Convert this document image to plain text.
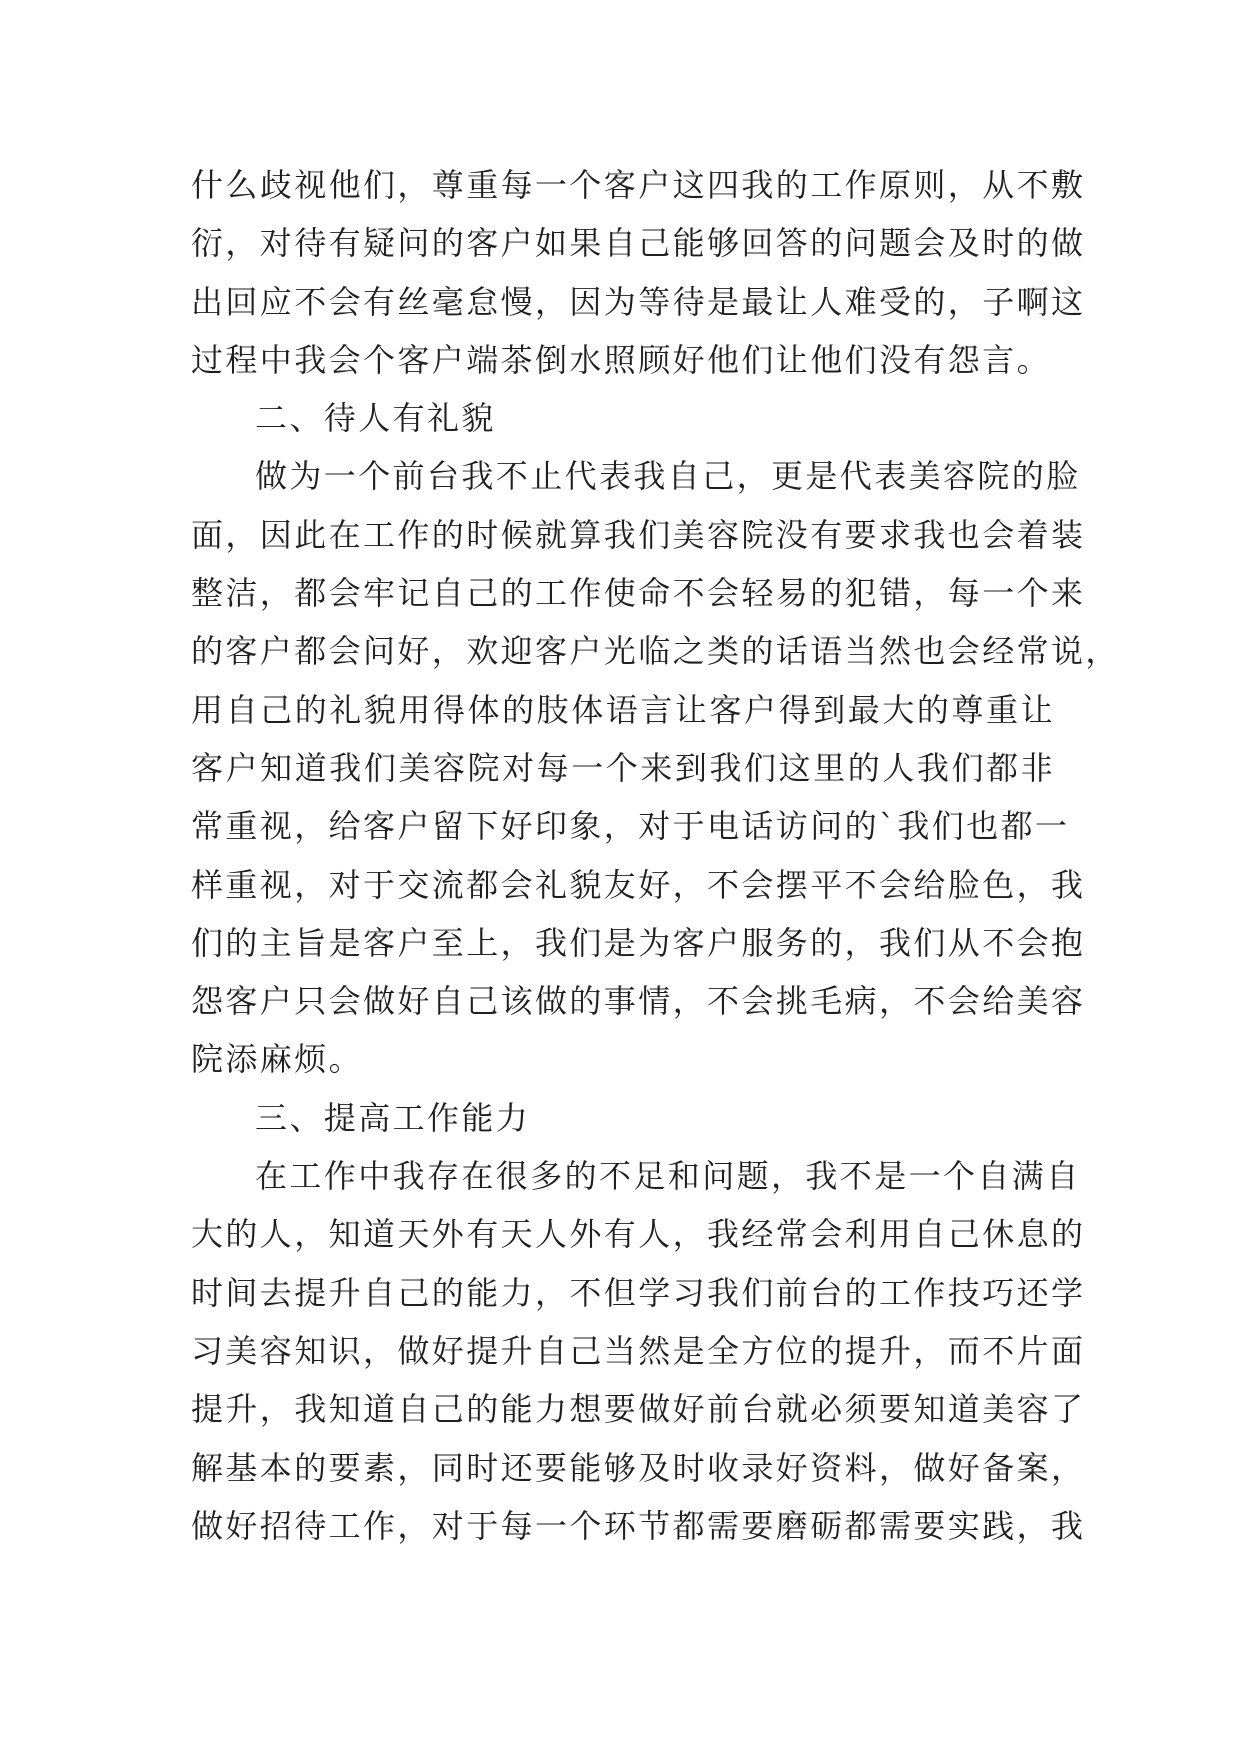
什么歧视他们，尊重每一个客户这四我的工作原则，从不敷
衍，对待有疑问的客户如果自己能够回答的问题会及时的做
出回应不会有丝毫怠慢，因为等待是最让人难受的，子啊这
过程中我会个客户端茶倒水照顾好他们让他们没有怨言。
二、待人有礼貌
做为一个前台我不止代表我自己，更是代表美容院的脸
面，因此在工作的时候就算我们美容院没有要求我也会着装
整洁，都会牢记自己的工作使命不会轻易的犯错，每一个来
的客户都会问好，欢迎客户光临之类的话语当然也会经常说，
用自己的礼貌用得体的肢体语言让客户得到最大的尊重让
客户知道我们美容院对每一个来到我们这里的人我们都非
常重视，给客户留下好印象，对于电话访问的`我们也都一
样重视，对于交流都会礼貌友好，不会摆平不会给脸色，我
们的主旨是客户至上，我们是为客户服务的，我们从不会抱
怨客户只会做好自己该做的事情，不会挑毛病，不会给美容
院添麻烦。
三、提高工作能力
在工作中我存在很多的不足和问题，我不是一个自满自
大的人，知道天外有天人外有人，我经常会利用自己休息的
时间去提升自己的能力，不但学习我们前台的工作技巧还学
习美容知识，做好提升自己当然是全方位的提升，而不片面
提升，我知道自己的能力想要做好前台就必须要知道美容了
解基本的要素，同时还要能够及时收录好资料，做好备案，
做好招待工作，对于每一个环节都需要磨砺都需要实践，我
